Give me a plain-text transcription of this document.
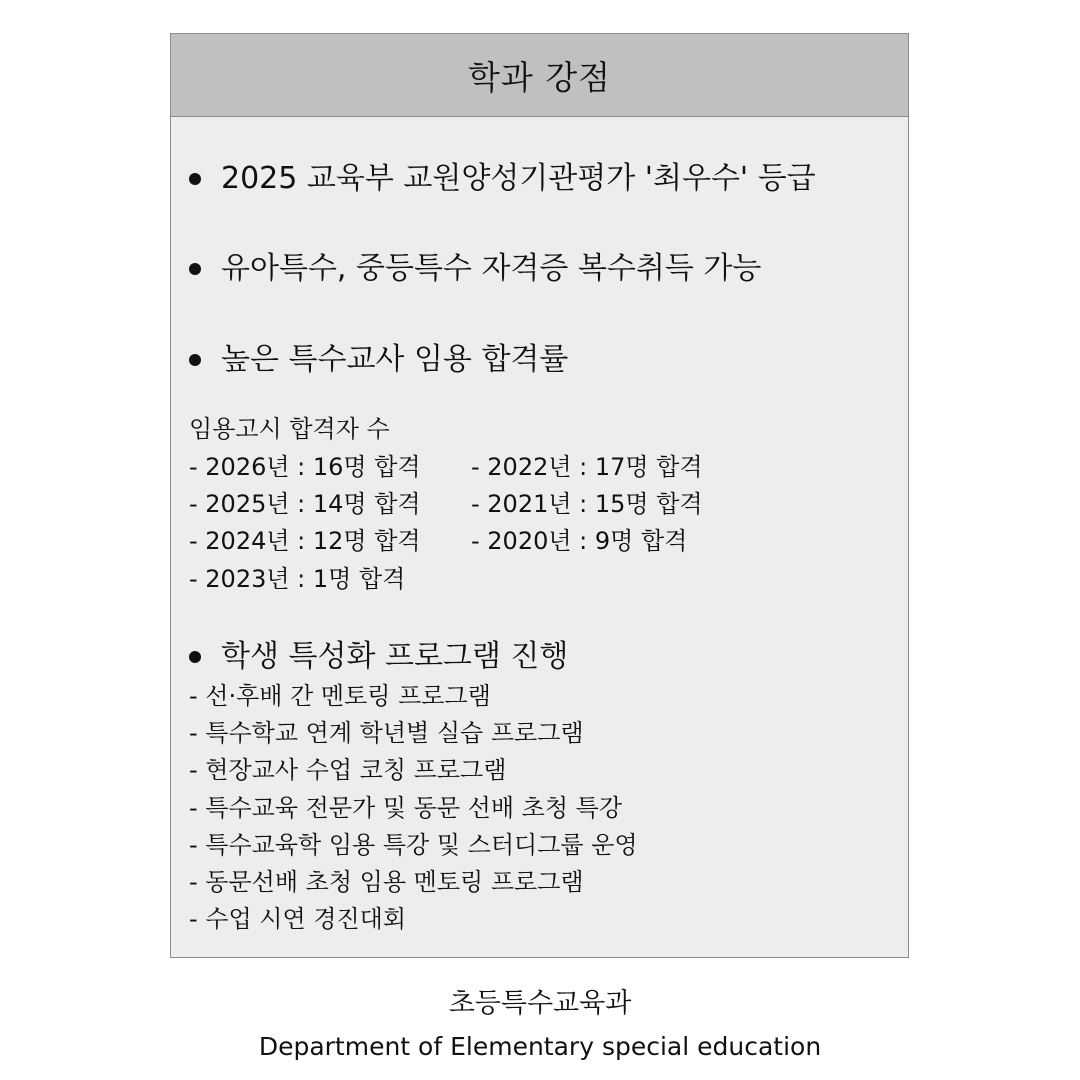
학과 강점
2025 교육부 교원양성기관평가 '최우수' 등급
유아특수, 중등특수 자격증 복수취득 가능
높은 특수교사 임용 합격률
임용고시 합격자 수
- 2026년 : 16명 합격
- 2025년 : 14명 합격
- 2024년 : 12명 합격
- 2023년 : 1명 합격
- 2022년 : 17명 합격
- 2021년 : 15명 합격
- 2020년 : 9명 합격
학생 특성화 프로그램 진행
- 선·후배 간 멘토링 프로그램
- 특수학교 연계 학년별 실습 프로그램
- 현장교사 수업 코칭 프로그램
- 특수교육 전문가 및 동문 선배 초청 특강
- 특수교육학 임용 특강 및 스터디그룹 운영
- 동문선배 초청 임용 멘토링 프로그램
- 수업 시연 경진대회
초등특수교육과
Department of Elementary special education
